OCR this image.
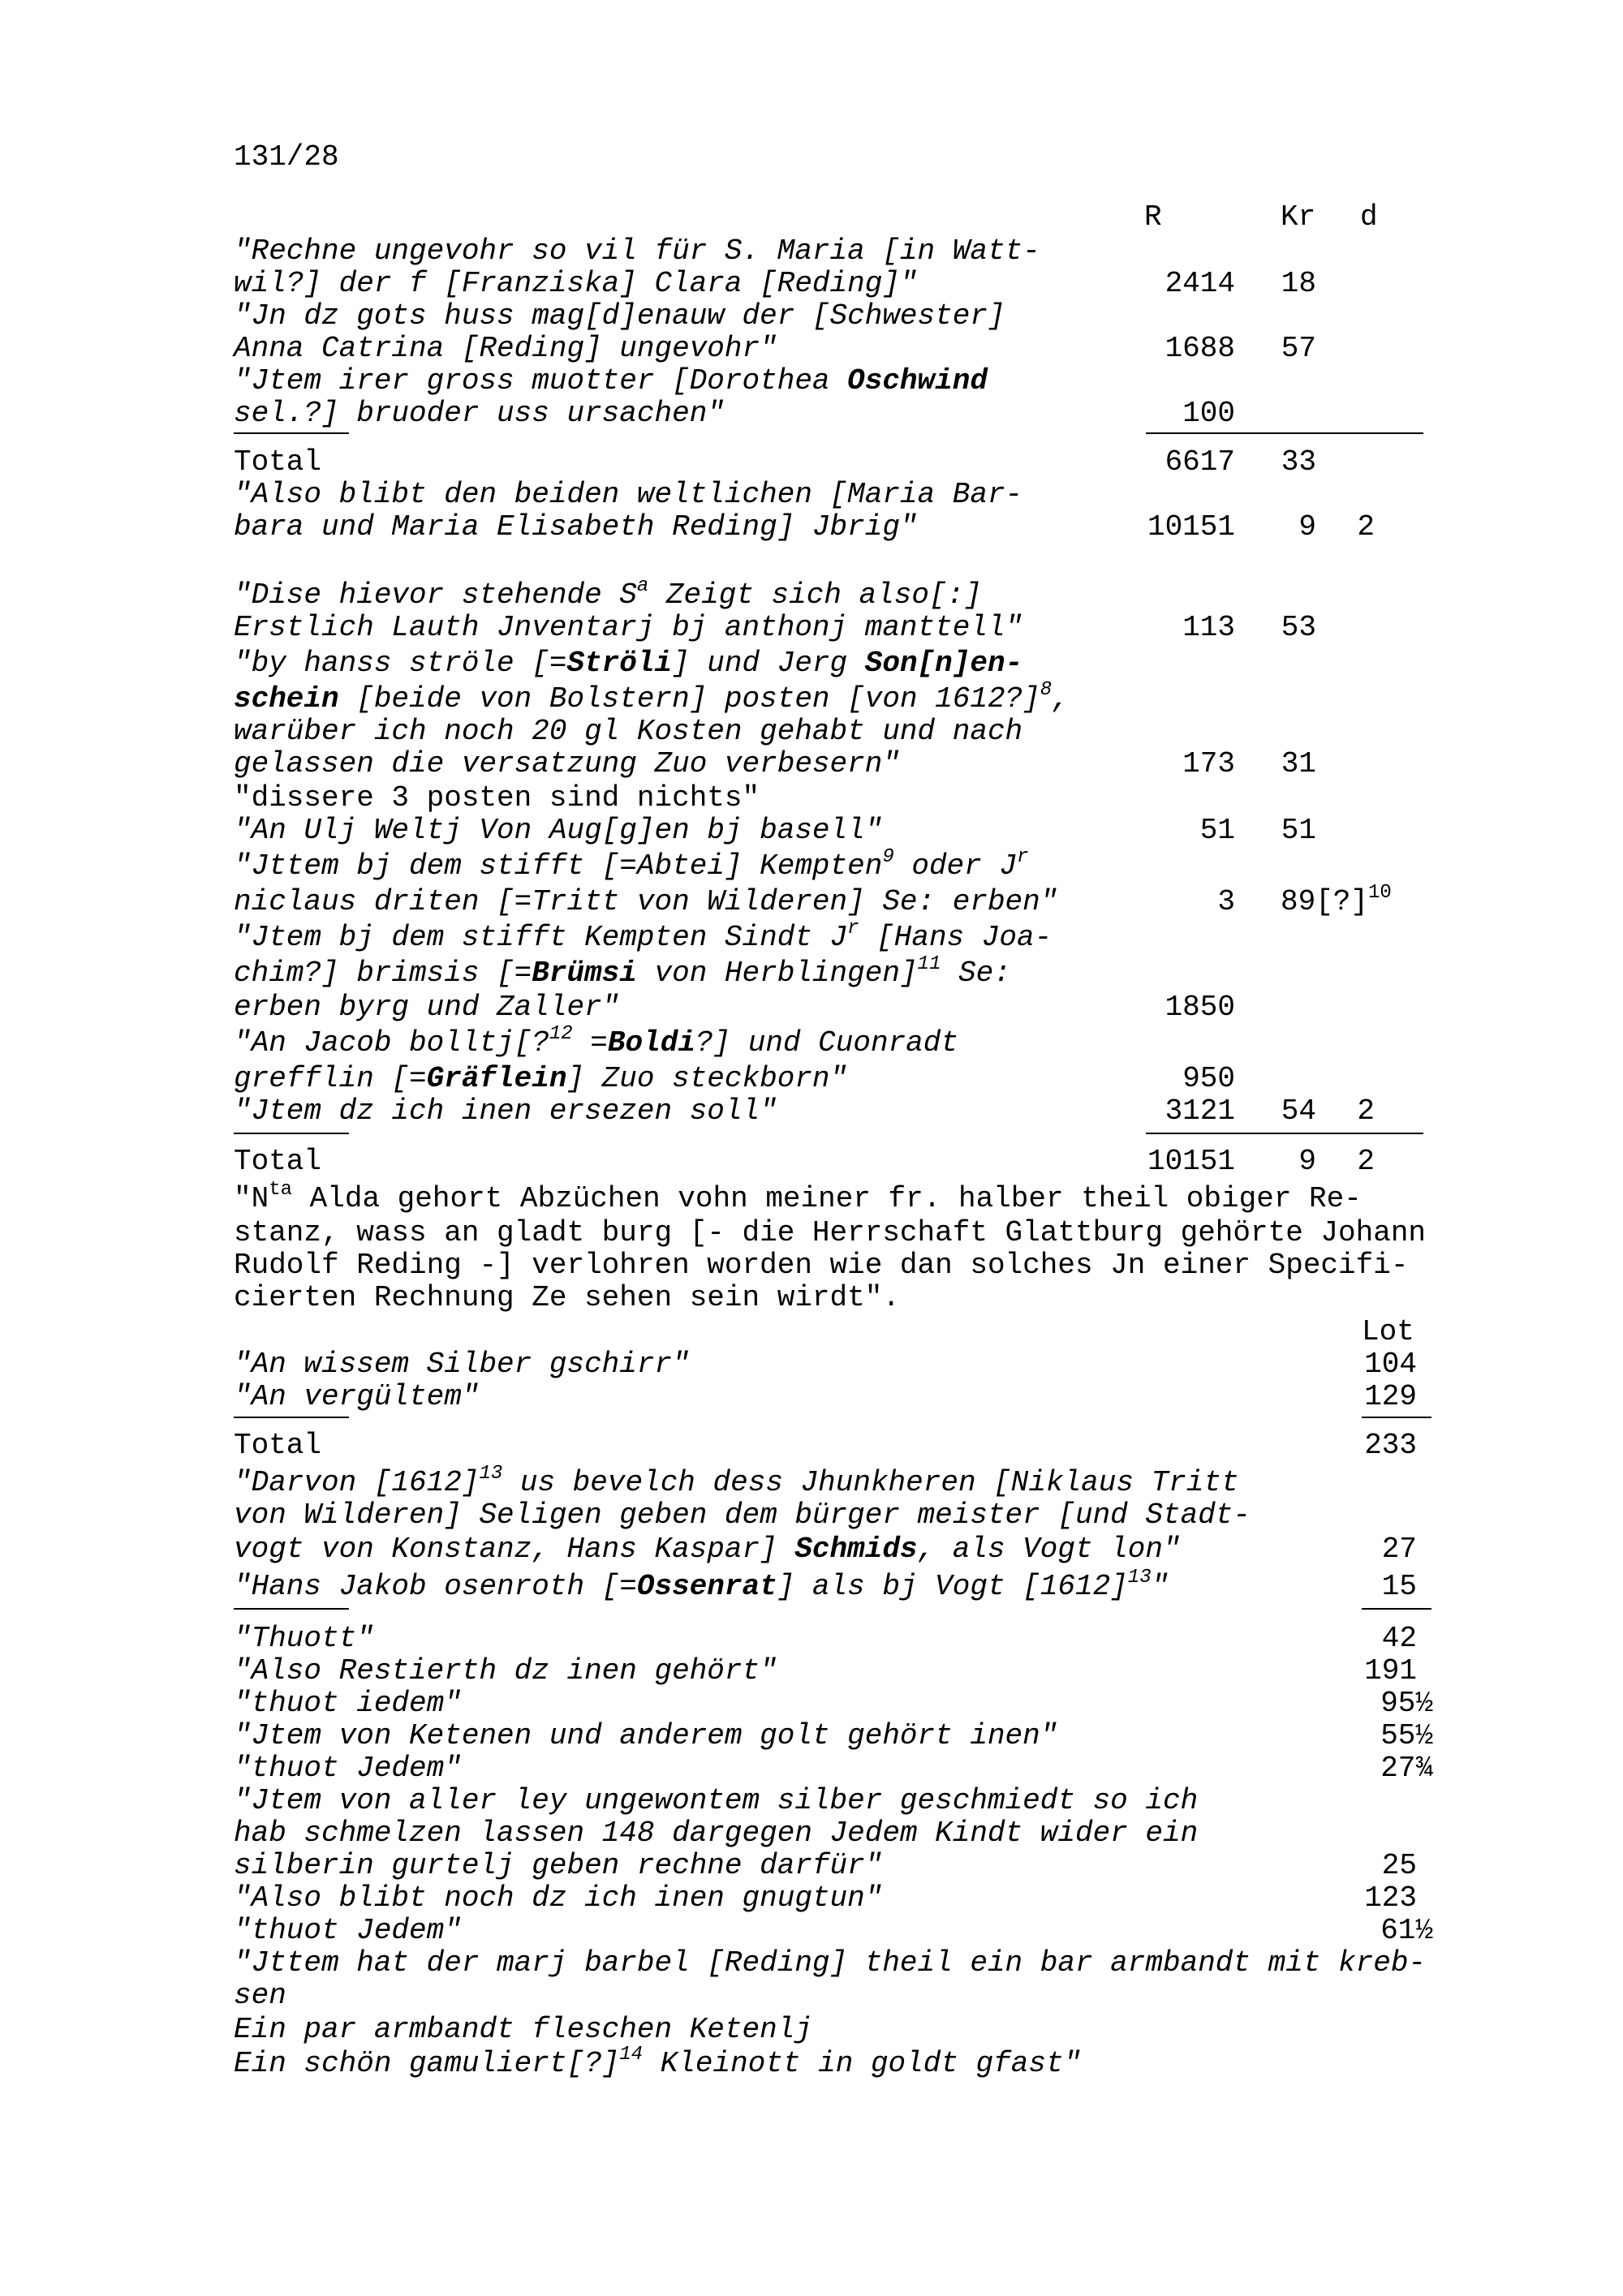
131/28
R	Kr d
"Rechne ungevohr so vil für S. Maria [in Watt-
wil?] der f [Franziska] Clara [Reding]"	2414 18
"Jn dz gots huss mag[d]enauw der [Schwester]
Anna Catrina [Reding] ungevohr"	1688 57
"Jtem irer gross muotter [Dorothea Oschwind
sel.?] bruoder uss ursachen"	100
Total	6617 33
"Also blibt den beiden weltlichen [Maria Bar-
bara und Maria Elisabeth Reding] Jbrig"	10151 9 2
"Dise hievor stehende $S^a$ Zeigt sich also[:]
Erstlich Lauth Jnventarj bj anthonj manttell"	113 53
"by hanss ströle [=Ströli] und Jerg Son[n]en-
schein [beide von Bolstern] posten [von 1612?]$^8$,
warüber ich noch 20 gl Kosten gehabt und nach
gelassen die versatzung Zuo verbesern"	173 31
"dissere 3 posten sind nichts"
"An Ulj Weltj Von Aug[g]en bj basell"	51 51
"Jttem bj dem stifft [=Abtei] Kempten$^9$ oder $J^r$
niclaus driten [=Tritt von Wilderen] Se: erben"	3 89[?]$^{10}$
"Jtem bj dem stifft Kempten Sindt $J^r$ [Hans Joa-
chim?] brimsis [=Brümsi von Herblingen]$^{11}$ Se:
erben byrg und Zaller"	1850
"An Jacob bolltj[?$^{12}$ =Boldi?] und Cuonradt
grefflin [=Gräflein] Zuo steckborn"	950
"Jtem dz ich inen ersezen soll"	3121 54 2
Total	10151 9 2
"$N^{ta}$ Alda gehort Abzüchen vohn meiner fr. halber theil obiger Re-
stanz, wass an gladt burg [- die Herrschaft Glattburg gehörte Johann
Rudolf Reding -] verlohren worden wie dan solches Jn einer Specifi-
cierten Rechnung Ze sehen sein wirdt".
Lot
"An wissem Silber gschirr"	104
"An vergültem"	129
Total	233
"Darvon $[1612]^{13}$ us bevelch dess Jhunkheren [Niklaus Tritt
von Wilderen] Seligen geben dem bürger meister [und Stadt-
vogt von Konstanz, Hans Kaspar] Schmids, als Vogt lon"	27
"Hans Jakob osenroth [=Ossenrat] als bj Vogt $[1612]^{13}$"	15
"Thuott"	42
"Also Restierth dz inen gehört"	191
"thuot iedem"	95½
"Jtem von Ketenen und anderem golt gehört inen"	55½
"thuot Jedem"	27¾
"Jtem von aller ley ungewontem silber geschmiedt so ich
hab schmelzen lassen 148 dargegen Jedem Kindt wider ein
silberin gurtelj geben rechne darfür"	25
"Also blibt noch dz ich inen gnugtun"	123
"thuot Jedem"	61½
"Jttem hat der marj barbel [Reding] theil ein bar armbandt mit kreb-
sen
Ein par armbandt fleschen Ketenlj
Ein schön gamuliert[?]$^{14}$ Kleinott in goldt gfast"
